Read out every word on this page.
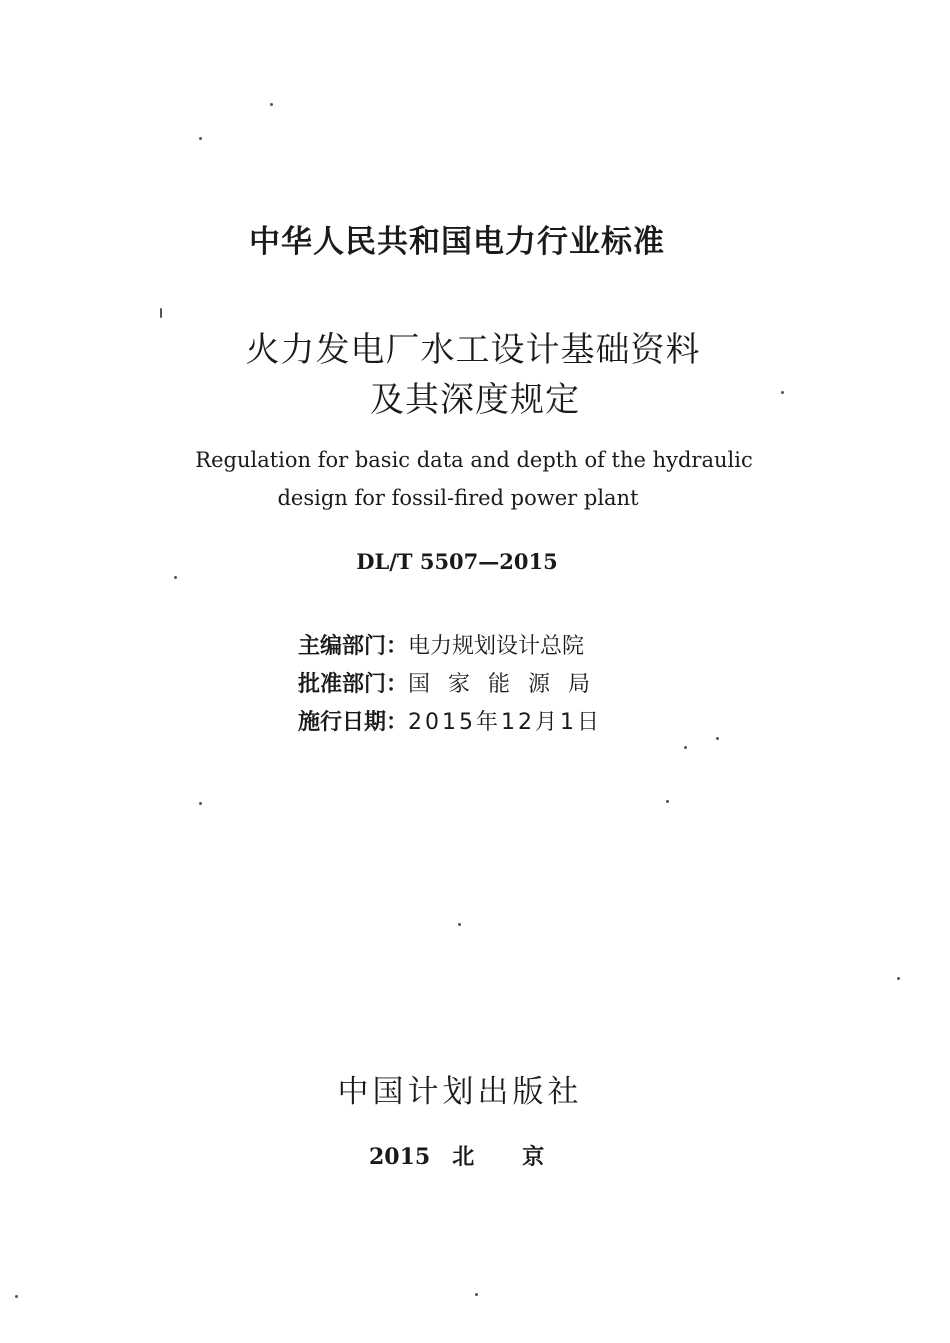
中华人民共和国电力行业标准
火力发电厂水工设计基础资料
及其深度规定
Regulation for basic data and depth of the hydraulic
design for fossil-fired power plant
DL/T 5507—2015
主编部门：电力规划设计总院
批准部门：国家能源局
施行日期：2015年12月1日
中国计划出版社
2015 北京
